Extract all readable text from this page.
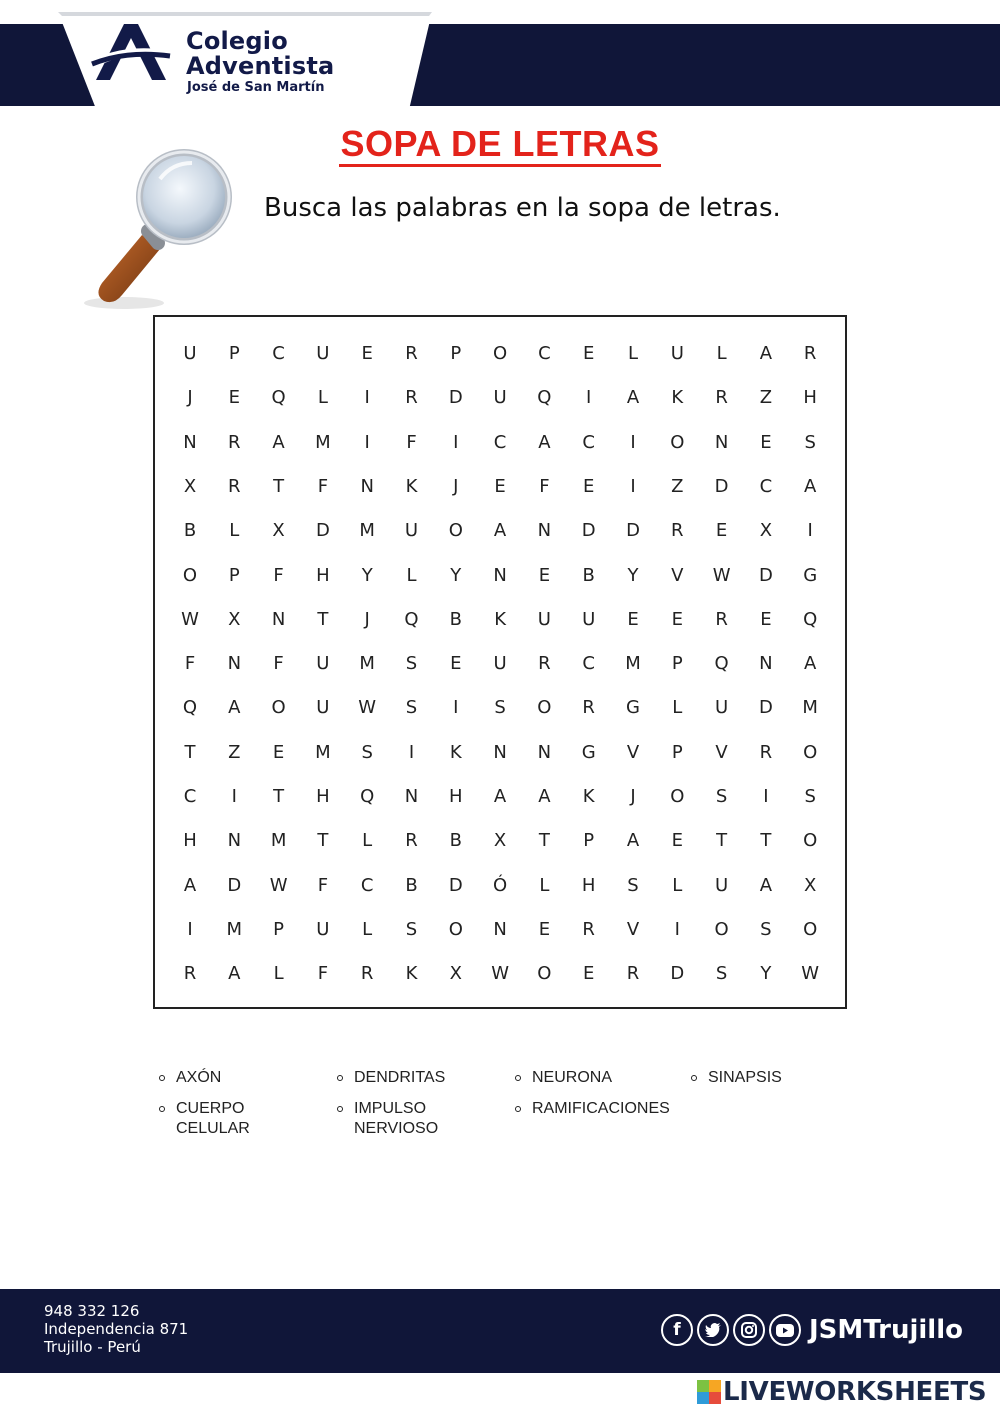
Colegio
Adventista
José de San Martín
SOPA DE LETRAS
Busca las palabras en la sopa de letras.
U	P	C	U	E	R	P	O	C	E	L	U	L	A	R
J	E	Q	L	I	R	D	U	Q	I	A	K	R	Z	H
N	R	A	M	I	F	I	C	A	C	I	O	N	E	S
X	R	T	F	N	K	J	E	F	E	I	Z	D	C	A
B	L	X	D	M	U	O	A	N	D	D	R	E	X	I
O	P	F	H	Y	L	Y	N	E	B	Y	V	W	D	G
W	X	N	T	J	Q	B	K	U	U	E	E	R	E	Q
F	N	F	U	M	S	E	U	R	C	M	P	Q	N	A
Q	A	O	U	W	S	I	S	O	R	G	L	U	D	M
T	Z	E	M	S	I	K	N	N	G	V	P	V	R	O
C	I	T	H	Q	N	H	A	A	K	J	O	S	I	S
H	N	M	T	L	R	B	X	T	P	A	E	T	T	O
A	D	W	F	C	B	D	Ó	L	H	S	L	U	A	X
I	M	P	U	L	S	O	N	E	R	V	I	O	S	O
R	A	L	F	R	K	X	W	O	E	R	D	S	Y	W
AXÓN	DENDRITAS	NEURONA	SINAPSIS
CUERPO
CELULAR
IMPULSO
NERVIOSO
RAMIFICACIONES
948 332 126
Independencia 871
Trujillo - Perú
f	JSMTrujillo
LIVEWORKSHEETS
